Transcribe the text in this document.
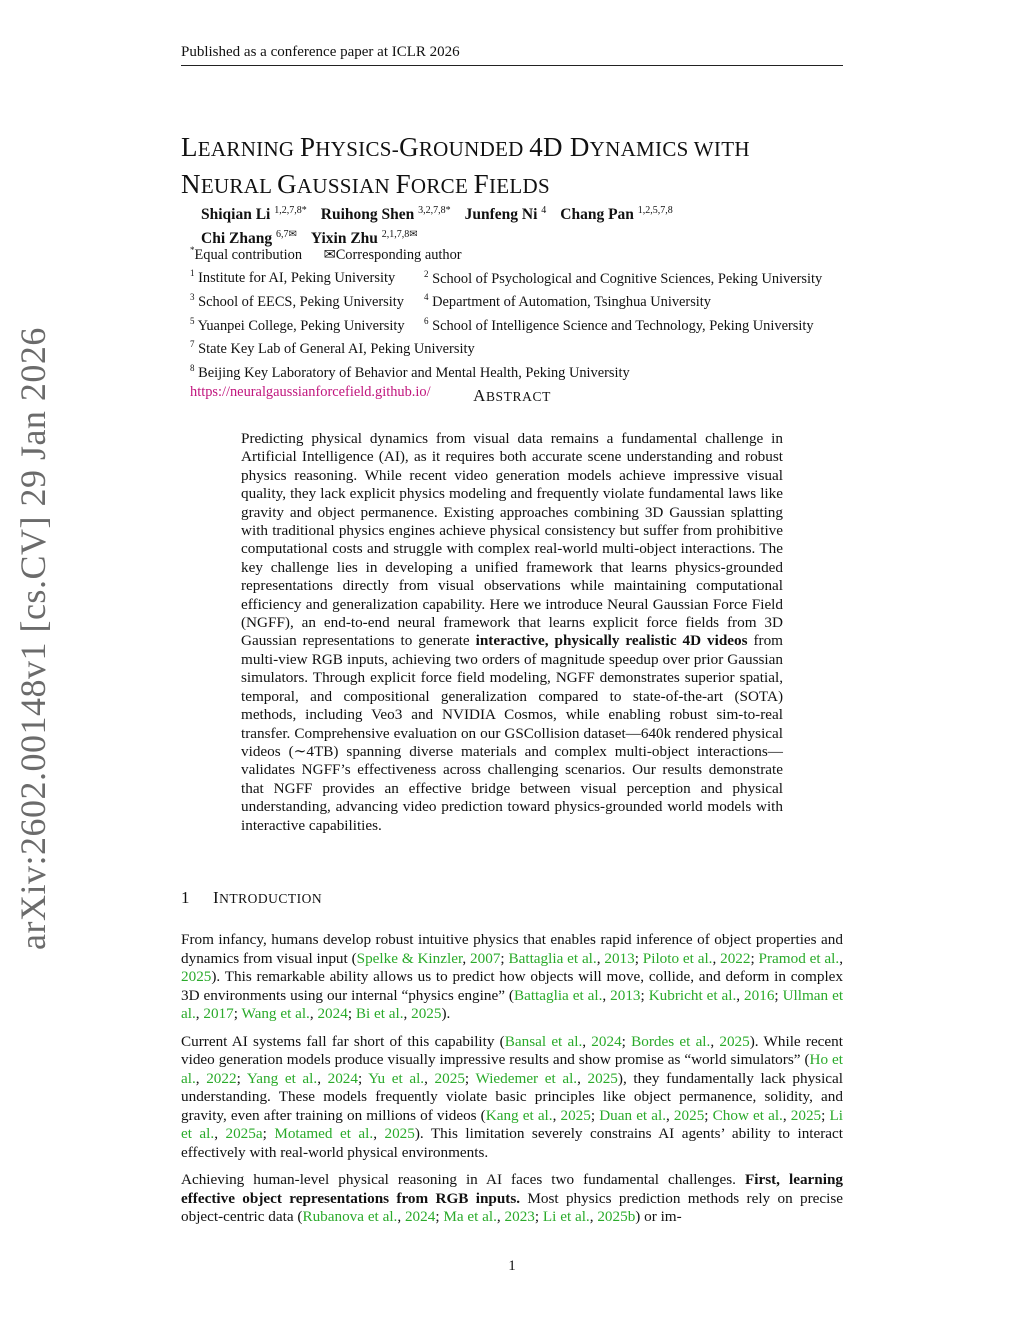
Published as a conference paper at ICLR 2026
arXiv:2602.00148v1 [cs.CV] 29 Jan 2026
LEARNING PHYSICS-GROUNDED 4D DYNAMICS WITH
NEURAL GAUSSIAN FORCE FIELDS
Shiqian Li $^{1,2,7,8*}$ Ruihong Shen $^{3,2,7,8*}$ Junfeng Ni $^4$ Chang Pan $^{1,2,5,7,8}$
Chi Zhang $^{6,7✉}$ Yixin Zhu $^{2,1,7,8✉}$
*Equal contribution ✉Corresponding author
$^1$ Institute for AI, Peking University	$^2$ School of Psychological and Cognitive Sciences, Peking University
$^3$ School of EECS, Peking University $^4$ Department of Automation, Tsinghua University
$^5$ Yuanpei College, Peking University $^6$ School of Intelligence Science and Technology, Peking University
$^7$ State Key Lab of General AI, Peking University
$^8$ Beijing Key Laboratory of Behavior and Mental Health, Peking University
https://neuralgaussianforcefield.github.io/	ABSTRACT
Predicting physical dynamics from visual data remains a fundamental challenge in Artificial Intelligence (AI), as it requires both accurate scene understanding and robust physics reasoning. While recent video generation models achieve impressive visual quality, they lack explicit physics modeling and frequently violate fundamental laws like gravity and object permanence. Existing approaches combining 3D Gaussian splatting with traditional physics engines achieve physical consistency but suffer from prohibitive computational costs and struggle with complex real-world multi-object interactions. The key challenge lies in developing a unified framework that learns physics-grounded representations directly from visual observations while maintaining computational efficiency and generalization capability. Here we introduce Neural Gaussian Force Field (NGFF), an end-to-end neural framework that learns explicit force fields from 3D Gaussian representations to generate interactive, physically realistic 4D videos from multi-view RGB inputs, achieving two orders of magnitude speedup over prior Gaussian simulators. Through explicit force field modeling, NGFF demonstrates superior spatial, temporal, and compositional generalization compared to state-of-the-art (SOTA) methods, including Veo3 and NVIDIA Cosmos, while enabling robust sim-to-real transfer. Comprehensive evaluation on our GSCollision dataset—640k rendered physical videos (∼4TB) spanning diverse materials and complex multi-object interactions—validates NGFF’s effectiveness across challenging scenarios. Our results demonstrate that NGFF provides an effective bridge between visual perception and physical understanding, advancing video prediction toward physics-grounded world models with interactive capabilities.
1 INTRODUCTION

From infancy, humans develop robust intuitive physics that enables rapid inference of object properties and dynamics from visual input (Spelke & Kinzler, 2007; Battaglia et al., 2013; Piloto et al., 2022; Pramod et al., 2025). This remarkable ability allows us to predict how objects will move, collide, and deform in complex 3D environments using our internal “physics engine” (Battaglia et al., 2013; Kubricht et al., 2016; Ullman et al., 2017; Wang et al., 2024; Bi et al., 2025).

Current AI systems fall far short of this capability (Bansal et al., 2024; Bordes et al., 2025). While recent video generation models produce visually impressive results and show promise as “world simulators” (Ho et al., 2022; Yang et al., 2024; Yu et al., 2025; Wiedemer et al., 2025), they fundamentally lack physical understanding. These models frequently violate basic principles like object permanence, solidity, and gravity, even after training on millions of videos (Kang et al., 2025; Duan et al., 2025; Chow et al., 2025; Li et al., 2025a; Motamed et al., 2025). This limitation severely constrains AI agents’ ability to interact effectively with real-world physical environments.

Achieving human-level physical reasoning in AI faces two fundamental challenges. First, learning effective object representations from RGB inputs. Most physics prediction methods rely on precise object-centric data (Rubanova et al., 2024; Ma et al., 2023; Li et al., 2025b) or im-

1
